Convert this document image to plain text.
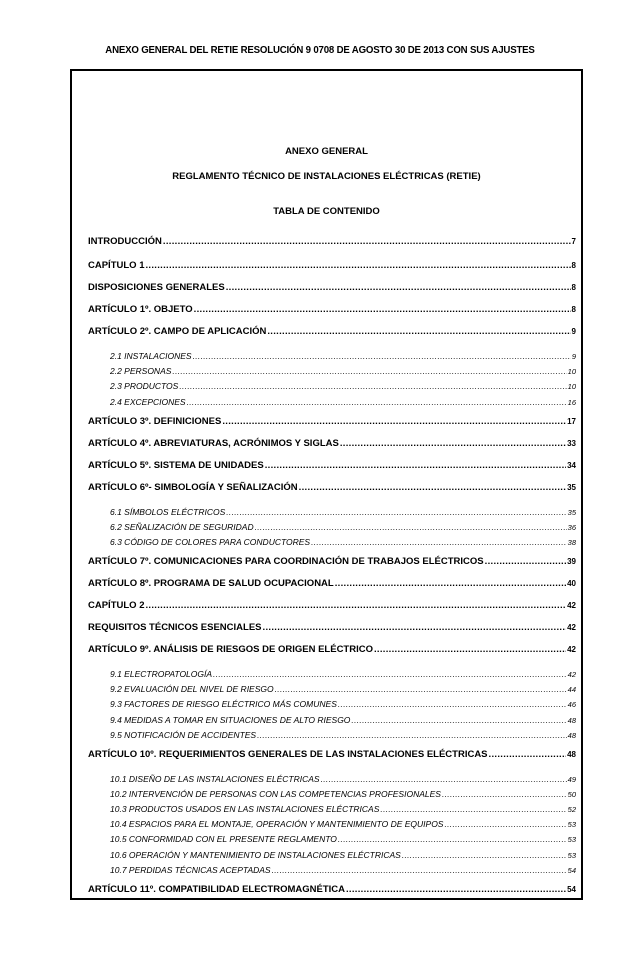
ANEXO GENERAL DEL RETIE RESOLUCIÓN 9 0708 DE AGOSTO 30 DE 2013 CON SUS AJUSTES
ANEXO GENERAL
REGLAMENTO TÉCNICO DE INSTALACIONES ELÉCTRICAS (RETIE)
TABLA DE CONTENIDO
INTRODUCCIÓN .....	7
CAPÍTULO 1 .....	8
DISPOSICIONES GENERALES .....	8
ARTÍCULO 1º. OBJETO .....	8
ARTÍCULO 2º. CAMPO DE APLICACIÓN .....	9
2.1 INSTALACIONES .....	9
2.2 PERSONAS .....	10
2.3 PRODUCTOS .....	10
2.4 EXCEPCIONES .....	16
ARTÍCULO 3º. DEFINICIONES .....	17
ARTÍCULO 4º. ABREVIATURAS, ACRÓNIMOS Y SIGLAS .....	33
ARTÍCULO 5º. SISTEMA DE UNIDADES .....	34
ARTÍCULO 6º- SIMBOLOGÍA Y SEÑALIZACIÓN .....	35
6.1 SÍMBOLOS ELÉCTRICOS .....	35
6.2 SEÑALIZACIÓN DE SEGURIDAD .....	36
6.3 CÓDIGO DE COLORES PARA CONDUCTORES .....	38
ARTÍCULO 7º. COMUNICACIONES PARA COORDINACIÓN DE TRABAJOS ELÉCTRICOS .....	39
ARTÍCULO 8º. PROGRAMA DE SALUD OCUPACIONAL .....	40
CAPÍTULO 2 .....	42
REQUISITOS TÉCNICOS ESENCIALES .....	42
ARTÍCULO 9º. ANÁLISIS DE RIESGOS DE ORIGEN ELÉCTRICO .....	42
9.1 ELECTROPATOLOGÍA .....	42
9.2 EVALUACIÓN DEL NIVEL DE RIESGO .....	44
9.3 FACTORES DE RIESGO ELÉCTRICO MÁS COMUNES .....	46
9.4 MEDIDAS A TOMAR EN SITUACIONES DE ALTO RIESGO .....	48
9.5 NOTIFICACIÓN DE ACCIDENTES .....	48
ARTÍCULO 10º. REQUERIMIENTOS GENERALES DE LAS INSTALACIONES ELÉCTRICAS .....	48
10.1 DISEÑO DE LAS INSTALACIONES ELÉCTRICAS .....	49
10.2 INTERVENCIÓN DE PERSONAS CON LAS COMPETENCIAS PROFESIONALES .....	50
10.3 PRODUCTOS USADOS EN LAS INSTALACIONES ELÉCTRICAS .....	52
10.4 ESPACIOS PARA EL MONTAJE, OPERACIÓN Y MANTENIMIENTO DE EQUIPOS .....	53
10.5 CONFORMIDAD CON EL PRESENTE REGLAMENTO .....	53
10.6 OPERACIÓN Y MANTENIMIENTO DE INSTALACIONES ELÉCTRICAS .....	53
10.7 PERDIDAS TÉCNICAS ACEPTADAS .....	54
ARTÍCULO 11º. COMPATIBILIDAD ELECTROMAGNÉTICA .....	54
